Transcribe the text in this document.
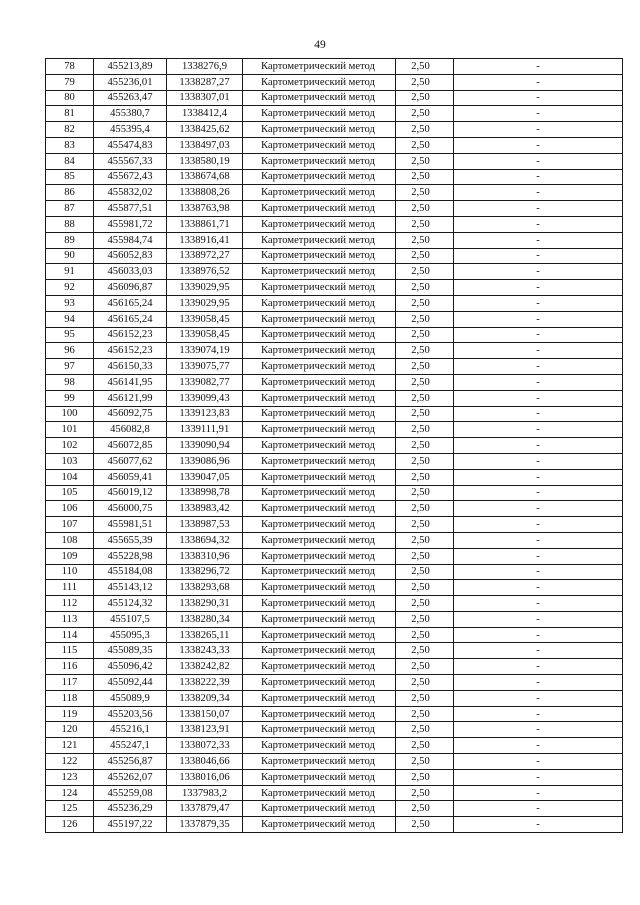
49
78	455213,89	1338276,9	Картометрический метод	2,50	-
79	455236,01	1338287,27	Картометрический метод	2,50	-
80	455263,47	1338307,01	Картометрический метод	2,50	-
81	455380,7	1338412,4	Картометрический метод	2,50	-
82	455395,4	1338425,62	Картометрический метод	2,50	-
83	455474,83	1338497,03	Картометрический метод	2,50	-
84	455567,33	1338580,19	Картометрический метод	2,50	-
85	455672,43	1338674,68	Картометрический метод	2,50	-
86	455832,02	1338808,26	Картометрический метод	2,50	-
87	455877,51	1338763,98	Картометрический метод	2,50	-
88	455981,72	1338861,71	Картометрический метод	2,50	-
89	455984,74	1338916,41	Картометрический метод	2,50	-
90	456052,83	1338972,27	Картометрический метод	2,50	-
91	456033,03	1338976,52	Картометрический метод	2,50	-
92	456096,87	1339029,95	Картометрический метод	2,50	-
93	456165,24	1339029,95	Картометрический метод	2,50	-
94	456165,24	1339058,45	Картометрический метод	2,50	-
95	456152,23	1339058,45	Картометрический метод	2,50	-
96	456152,23	1339074,19	Картометрический метод	2,50	-
97	456150,33	1339075,77	Картометрический метод	2,50	-
98	456141,95	1339082,77	Картометрический метод	2,50	-
99	456121,99	1339099,43	Картометрический метод	2,50	-
100	456092,75	1339123,83	Картометрический метод	2,50	-
101	456082,8	1339111,91	Картометрический метод	2,50	-
102	456072,85	1339090,94	Картометрический метод	2,50	-
103	456077,62	1339086,96	Картометрический метод	2,50	-
104	456059,41	1339047,05	Картометрический метод	2,50	-
105	456019,12	1338998,78	Картометрический метод	2,50	-
106	456000,75	1338983,42	Картометрический метод	2,50	-
107	455981,51	1338987,53	Картометрический метод	2,50	-
108	455655,39	1338694,32	Картометрический метод	2,50	-
109	455228,98	1338310,96	Картометрический метод	2,50	-
110	455184,08	1338296,72	Картометрический метод	2,50	-
111	455143,12	1338293,68	Картометрический метод	2,50	-
112	455124,32	1338290,31	Картометрический метод	2,50	-
113	455107,5	1338280,34	Картометрический метод	2,50	-
114	455095,3	1338265,11	Картометрический метод	2,50	-
115	455089,35	1338243,33	Картометрический метод	2,50	-
116	455096,42	1338242,82	Картометрический метод	2,50	-
117	455092,44	1338222,39	Картометрический метод	2,50	-
118	455089,9	1338209,34	Картометрический метод	2,50	-
119	455203,56	1338150,07	Картометрический метод	2,50	-
120	455216,1	1338123,91	Картометрический метод	2,50	-
121	455247,1	1338072,33	Картометрический метод	2,50	-
122	455256,87	1338046,66	Картометрический метод	2,50	-
123	455262,07	1338016,06	Картометрический метод	2,50	-
124	455259,08	1337983,2	Картометрический метод	2,50	-
125	455236,29	1337879,47	Картометрический метод	2,50	-
126	455197,22	1337879,35	Картометрический метод	2,50	-
